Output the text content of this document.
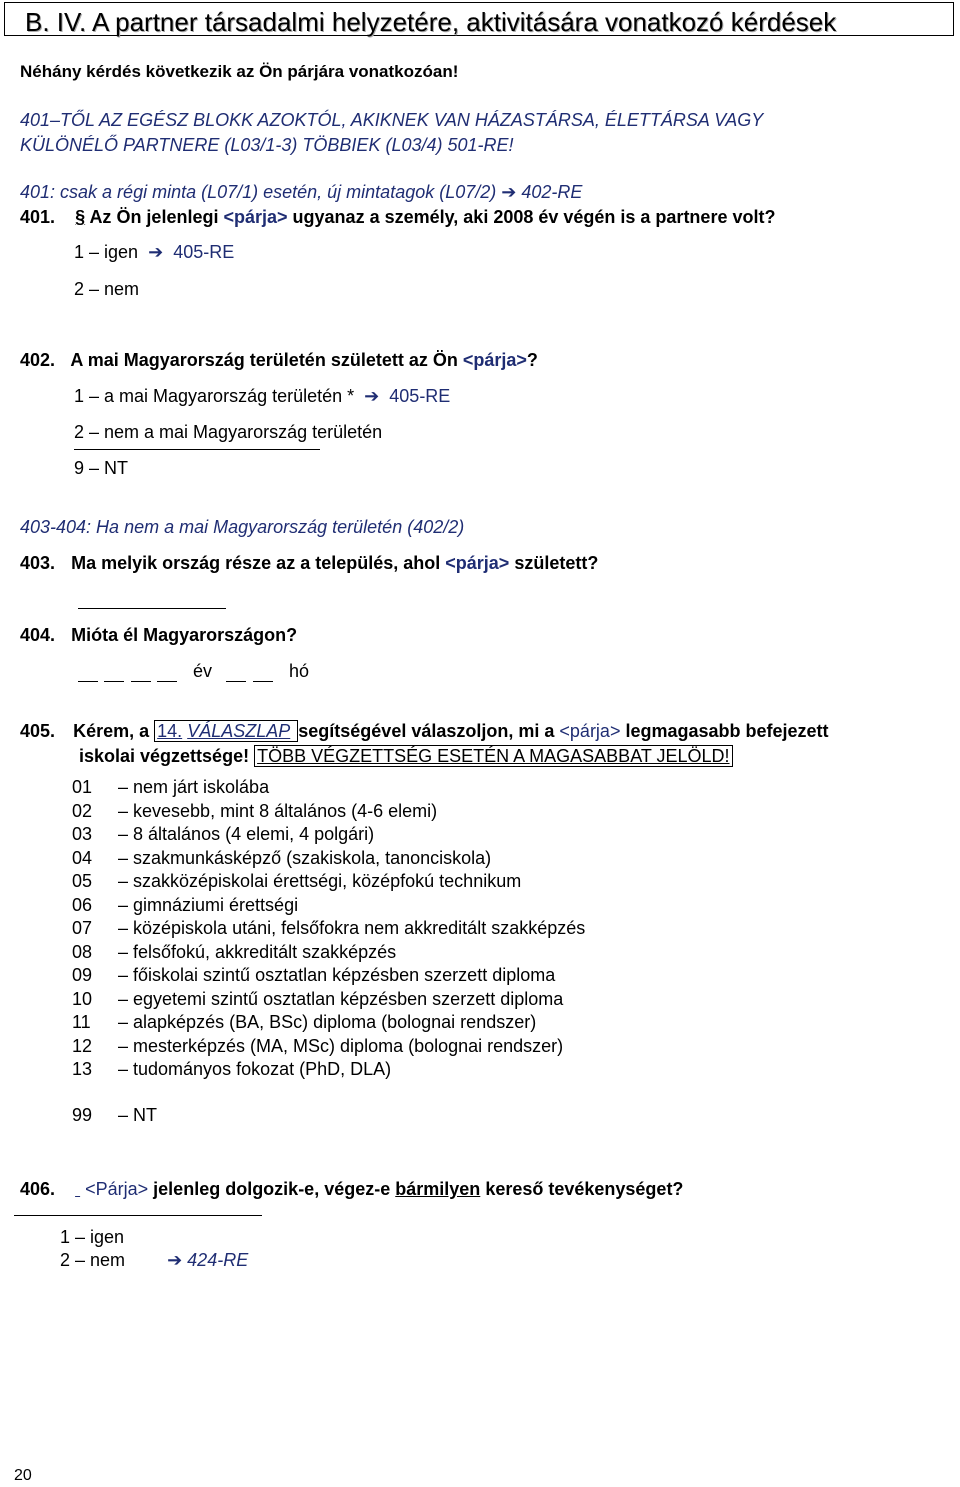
B. IV. A partner társadalmi helyzetére, aktivitására vonatkozó kérdések
Néhány kérdés következik az Ön párjára vonatkozóan!
401–TŐL AZ EGÉSZ BLOKK AZOKTÓL, AKIKNEK VAN HÁZASTÁRSA, ÉLETTÁRSA VAGY
KÜLÖNÉLŐ PARTNERE (L03/1-3) TÖBBIEK (L03/4) 501-RE!
401: csak a régi minta (L07/1) esetén, új mintatagok (L07/2) ➔ 402-RE
401. § Az Ön jelenlegi <párja> ugyanaz a személy, aki 2008 év végén is a partnere volt?
1 – igen  ➔  405-RE
2 – nem
402. A mai Magyarország területén született az Ön <párja>?
1 – a mai Magyarország területén *  ➔  405-RE
2 – nem a mai Magyarország területén
9 – NT
403-404: Ha nem a mai Magyarország területén (402/2)
403. Ma melyik ország része az a település, ahol <párja> született?
404. Mióta él Magyarországon?
év	hó
405. Kérem, a 14. VÁLASZLAP segítségével válaszoljon, mi a <párja> legmagasabb befejezett
iskolai végzettsége! TÖBB VÉGZETTSÉG ESETÉN A MAGASABBAT JELÖLD!
01 – nem járt iskolába
02 – kevesebb, mint 8 általános (4-6 elemi)
03 – 8 általános (4 elemi, 4 polgári)
04 – szakmunkásképző (szakiskola, tanonciskola)
05 – szakközépiskolai érettségi, középfokú technikum
06 – gimnáziumi érettségi
07 – középiskola utáni, felsőfokra nem akkreditált szakképzés
08 – felsőfokú, akkreditált szakképzés
09 – főiskolai szintű osztatlan képzésben szerzett diploma
10 – egyetemi szintű osztatlan képzésben szerzett diploma
11 – alapképzés (BA, BSc) diploma (bolognai rendszer)
12 – mesterképzés (MA, MSc) diploma (bolognai rendszer)
13 – tudományos fokozat (PhD, DLA)
99 – NT
406. <Párja> jelenleg dolgozik-e, végez-e bármilyen kereső tevékenységet?
1 – igen
2 – nem ➔ 424-RE
20
